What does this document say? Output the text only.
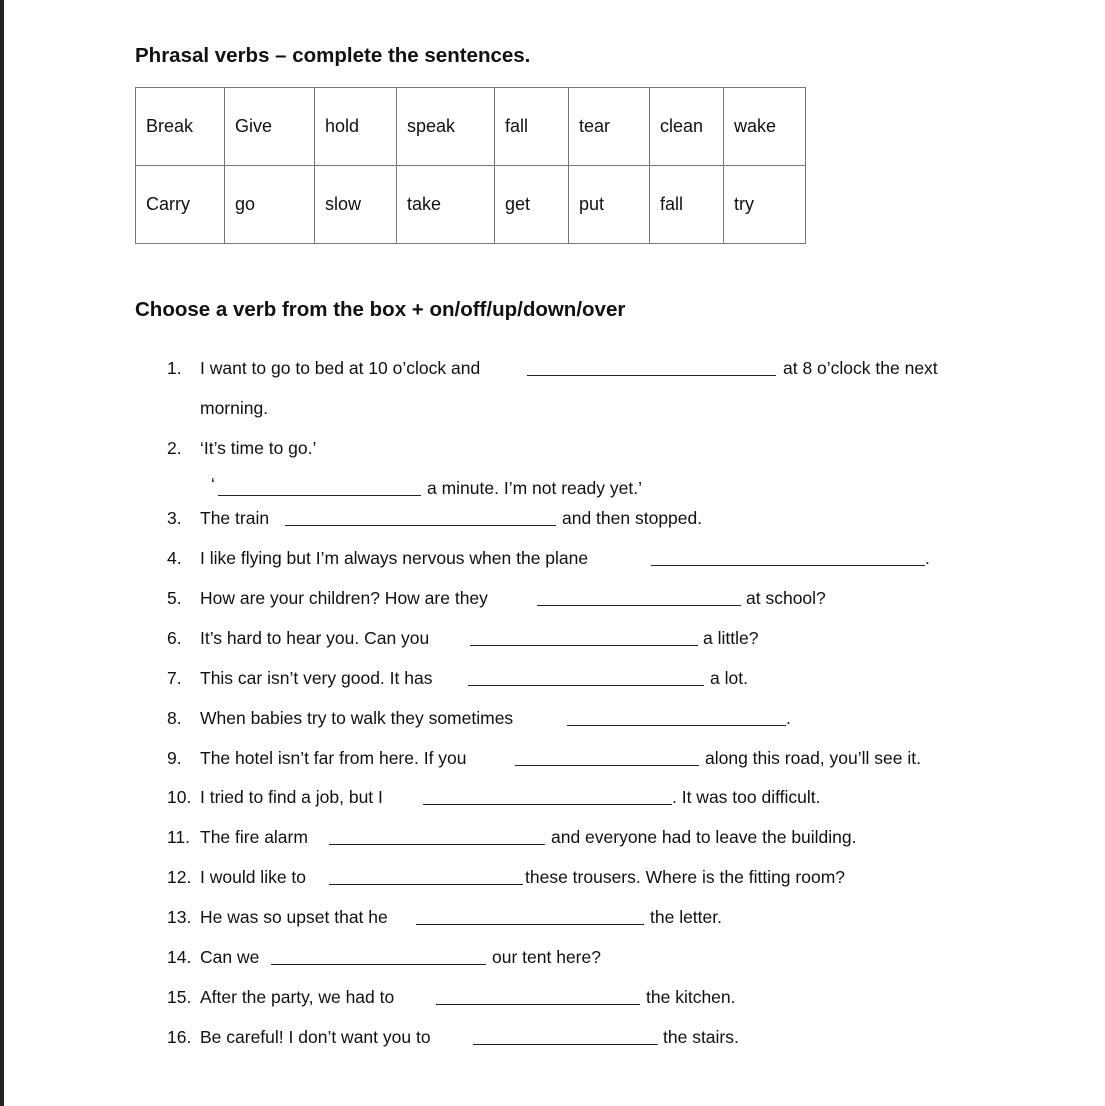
Phrasal verbs – complete the sentences.
Break	Give	hold	speak	fall	tear	clean	wake
Carry	go	slow	take	get	put	fall	try
Choose a verb from the box + on/off/up/down/over
1. I want to go to bed at 10 o’clock and	at 8 o’clock the next
morning.
2. ‘It’s time to go.’
‘	a minute. I’m not ready yet.’
3. The train	and then stopped.
4. I like flying but I’m always nervous when the plane	.
5. How are your children? How are they	at school?
6. It’s hard to hear you. Can you	a little?
7. This car isn’t very good. It has	a lot.
8. When babies try to walk they sometimes	.
9. The hotel isn’t far from here. If you	along this road, you’ll see it.
10. I tried to find a job, but I	. It was too difficult.
11. The fire alarm	and everyone had to leave the building.
12. I would like to	these trousers. Where is the fitting room?
13. He was so upset that he	the letter.
14. Can we	our tent here?
15. After the party, we had to	the kitchen.
16. Be careful! I don’t want you to	the stairs.
